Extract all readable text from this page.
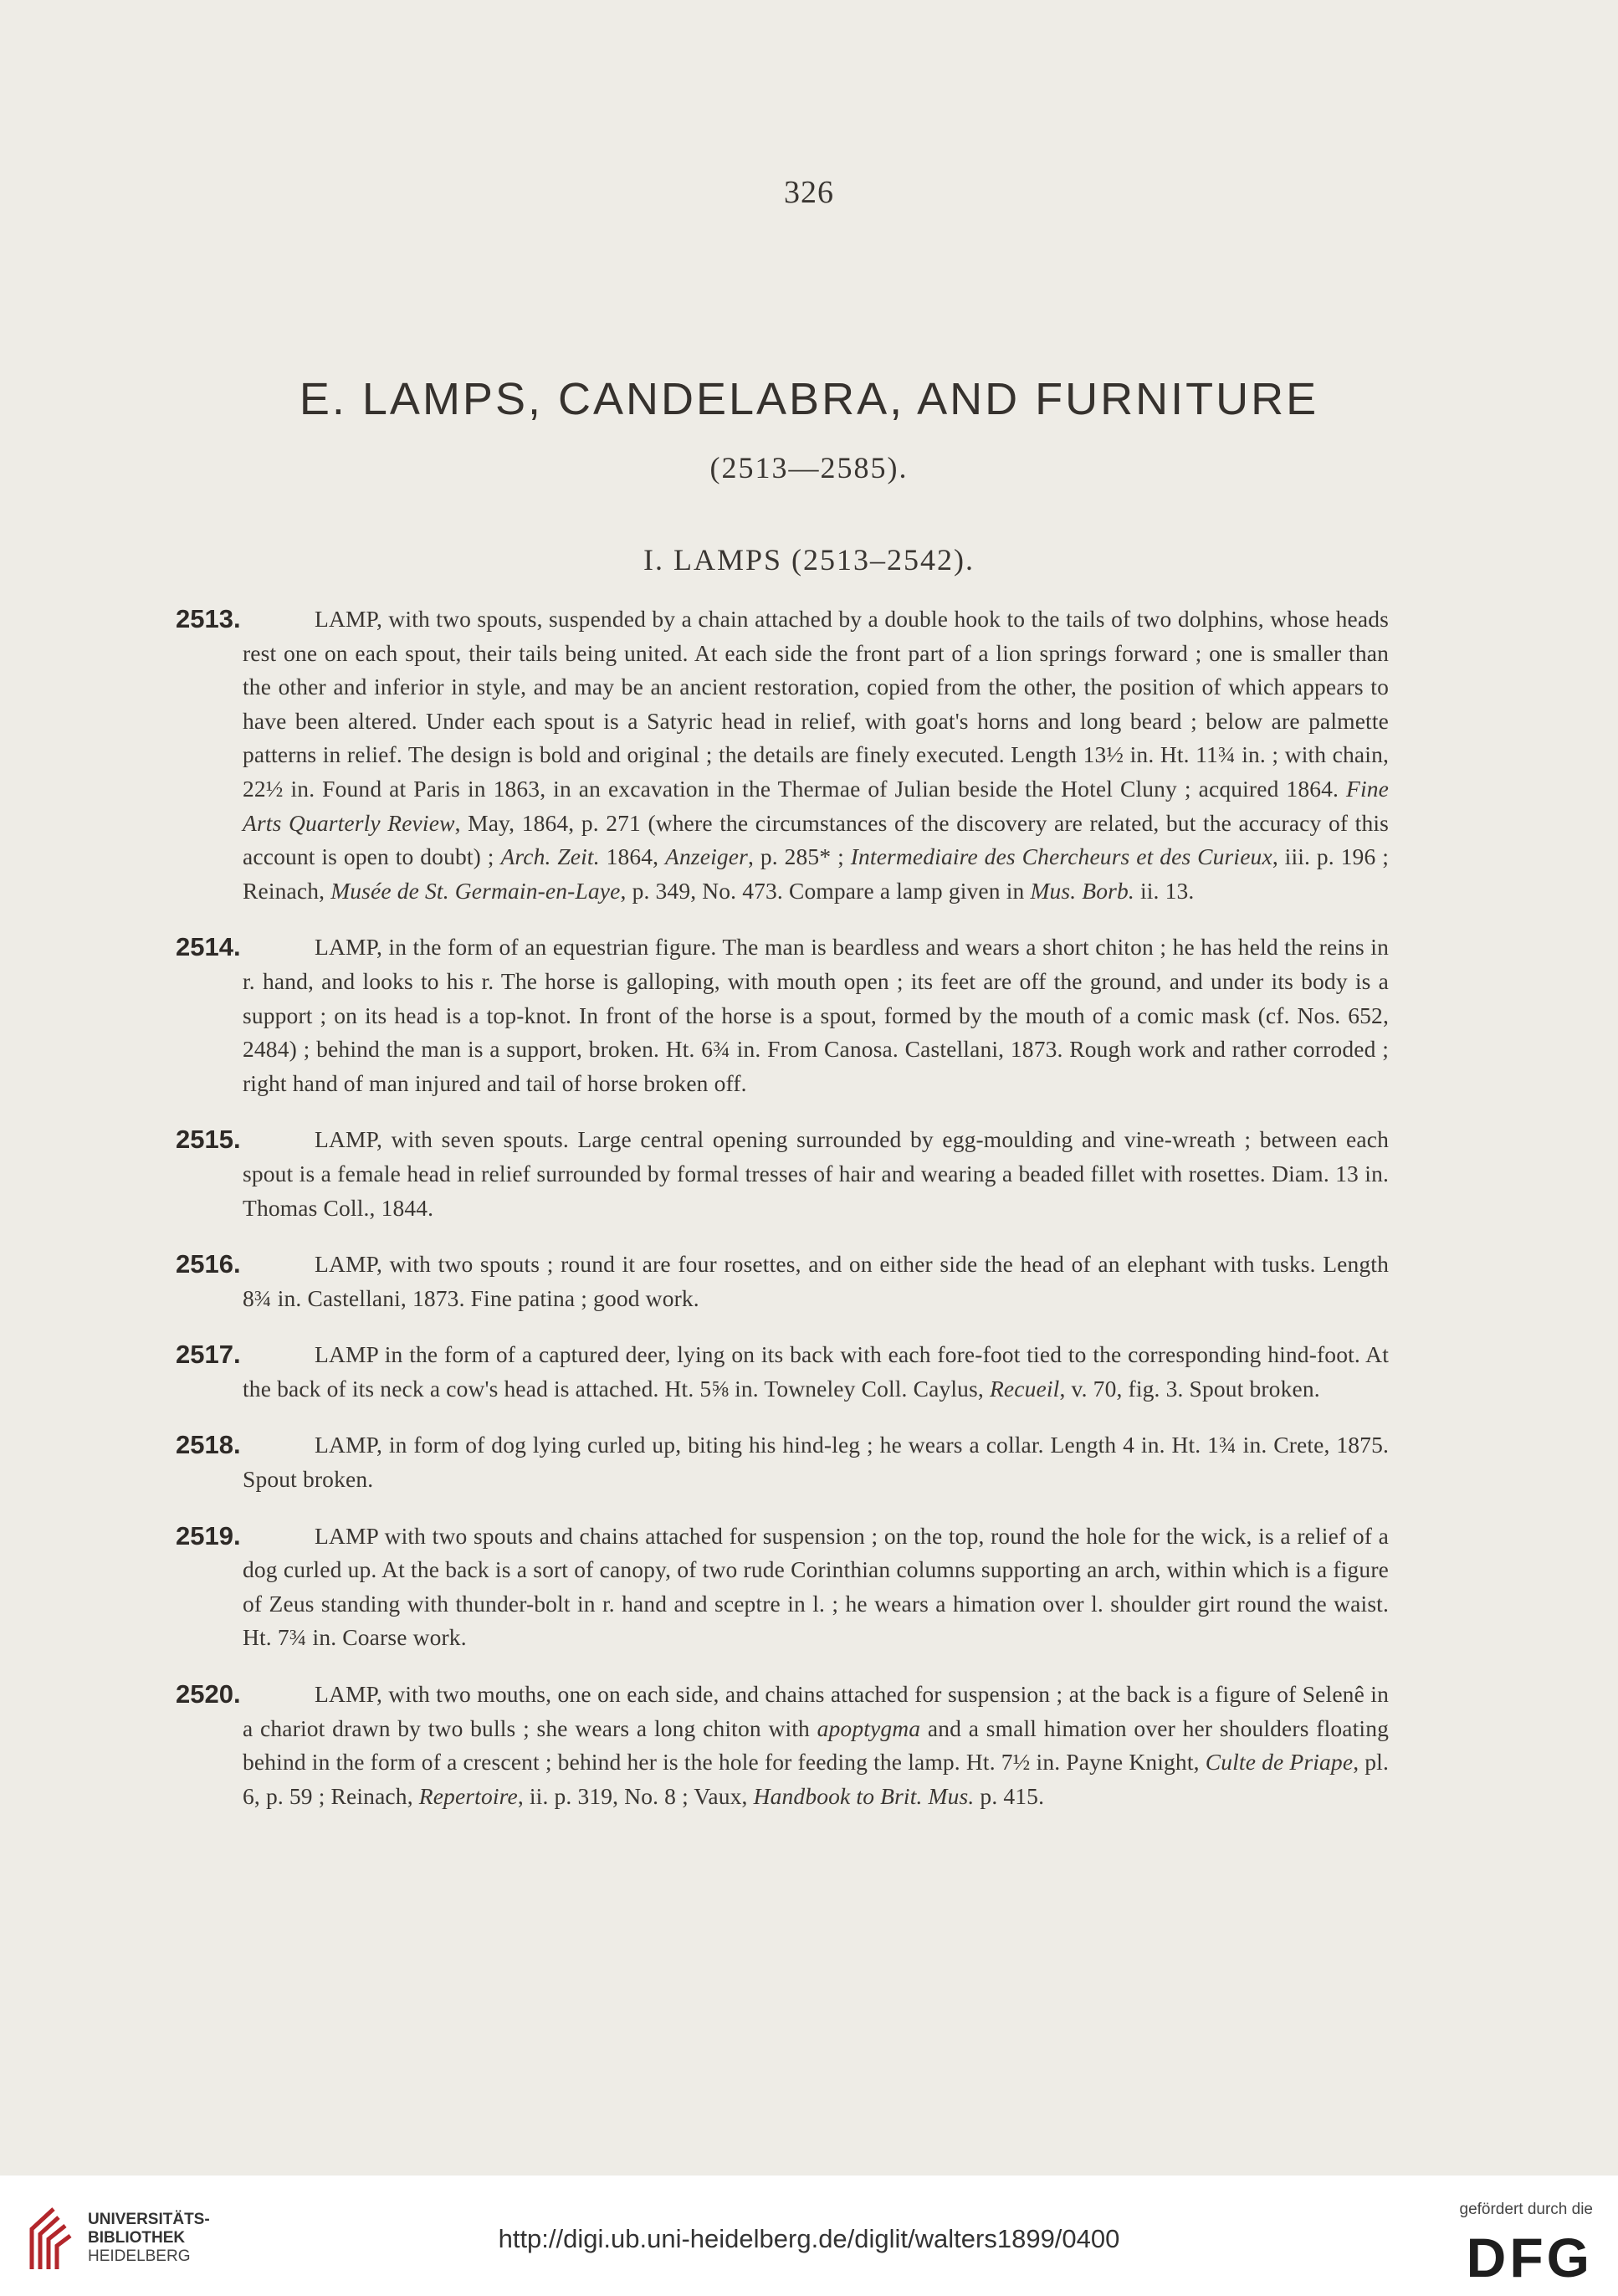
326
E. LAMPS, CANDELABRA, AND FURNITURE
(2513—2585).
I. LAMPS (2513–2542).
2513.	LAMP, with two spouts, suspended by a chain attached by a double hook to the tails of two dolphins, whose heads rest one on each spout, their tails being united. At each side the front part of a lion springs forward ; one is smaller than the other and inferior in style, and may be an ancient restoration, copied from the other, the position of which appears to have been altered. Under each spout is a Satyric head in relief, with goat's horns and long beard ; below are palmette patterns in relief. The design is bold and original ; the details are finely executed. Length 13½ in. Ht. 11¾ in. ; with chain, 22½ in. Found at Paris in 1863, in an excavation in the Thermae of Julian beside the Hotel Cluny ; acquired 1864. Fine Arts Quarterly Review, May, 1864, p. 271 (where the circumstances of the discovery are related, but the accuracy of this account is open to doubt) ; Arch. Zeit. 1864, Anzeiger, p. 285* ; Intermediaire des Chercheurs et des Curieux, iii. p. 196 ; Reinach, Musée de St. Germain-en-Laye, p. 349, No. 473. Compare a lamp given in Mus. Borb. ii. 13.

2514.	LAMP, in the form of an equestrian figure. The man is beardless and wears a short chiton ; he has held the reins in r. hand, and looks to his r. The horse is galloping, with mouth open ; its feet are off the ground, and under its body is a support ; on its head is a top-knot. In front of the horse is a spout, formed by the mouth of a comic mask (cf. Nos. 652, 2484) ; behind the man is a support, broken. Ht. 6¾ in. From Canosa. Castellani, 1873. Rough work and rather corroded ; right hand of man injured and tail of horse broken off.

2515.	LAMP, with seven spouts. Large central opening surrounded by egg-moulding and vine-wreath ; between each spout is a female head in relief surrounded by formal tresses of hair and wearing a beaded fillet with rosettes. Diam. 13 in. Thomas Coll., 1844.

2516.	LAMP, with two spouts ; round it are four rosettes, and on either side the head of an elephant with tusks. Length 8¾ in. Castellani, 1873. Fine patina ; good work.

2517.	LAMP in the form of a captured deer, lying on its back with each fore-foot tied to the corresponding hind-foot. At the back of its neck a cow's head is attached. Ht. 5⅝ in. Towneley Coll. Caylus, Recueil, v. 70, fig. 3. Spout broken.

2518.	LAMP, in form of dog lying curled up, biting his hind-leg ; he wears a collar. Length 4 in. Ht. 1¾ in. Crete, 1875. Spout broken.

2519.	LAMP with two spouts and chains attached for suspension ; on the top, round the hole for the wick, is a relief of a dog curled up. At the back is a sort of canopy, of two rude Corinthian columns supporting an arch, within which is a figure of Zeus standing with thunder-bolt in r. hand and sceptre in l. ; he wears a himation over l. shoulder girt round the waist. Ht. 7¾ in. Coarse work.

2520.	LAMP, with two mouths, one on each side, and chains attached for suspension ; at the back is a figure of Selenê in a chariot drawn by two bulls ; she wears a long chiton with apoptygma and a small himation over her shoulders floating behind in the form of a crescent ; behind her is the hole for feeding the lamp. Ht. 7½ in. Payne Knight, Culte de Priape, pl. 6, p. 59 ; Reinach, Repertoire, ii. p. 319, No. 8 ; Vaux, Handbook to Brit. Mus. p. 415.

UNIVERSITÄTS-
BIBLIOTHEK
HEIDELBERG
http://digi.ub.uni-heidelberg.de/diglit/walters1899/0400
gefördert durch die
DFG
